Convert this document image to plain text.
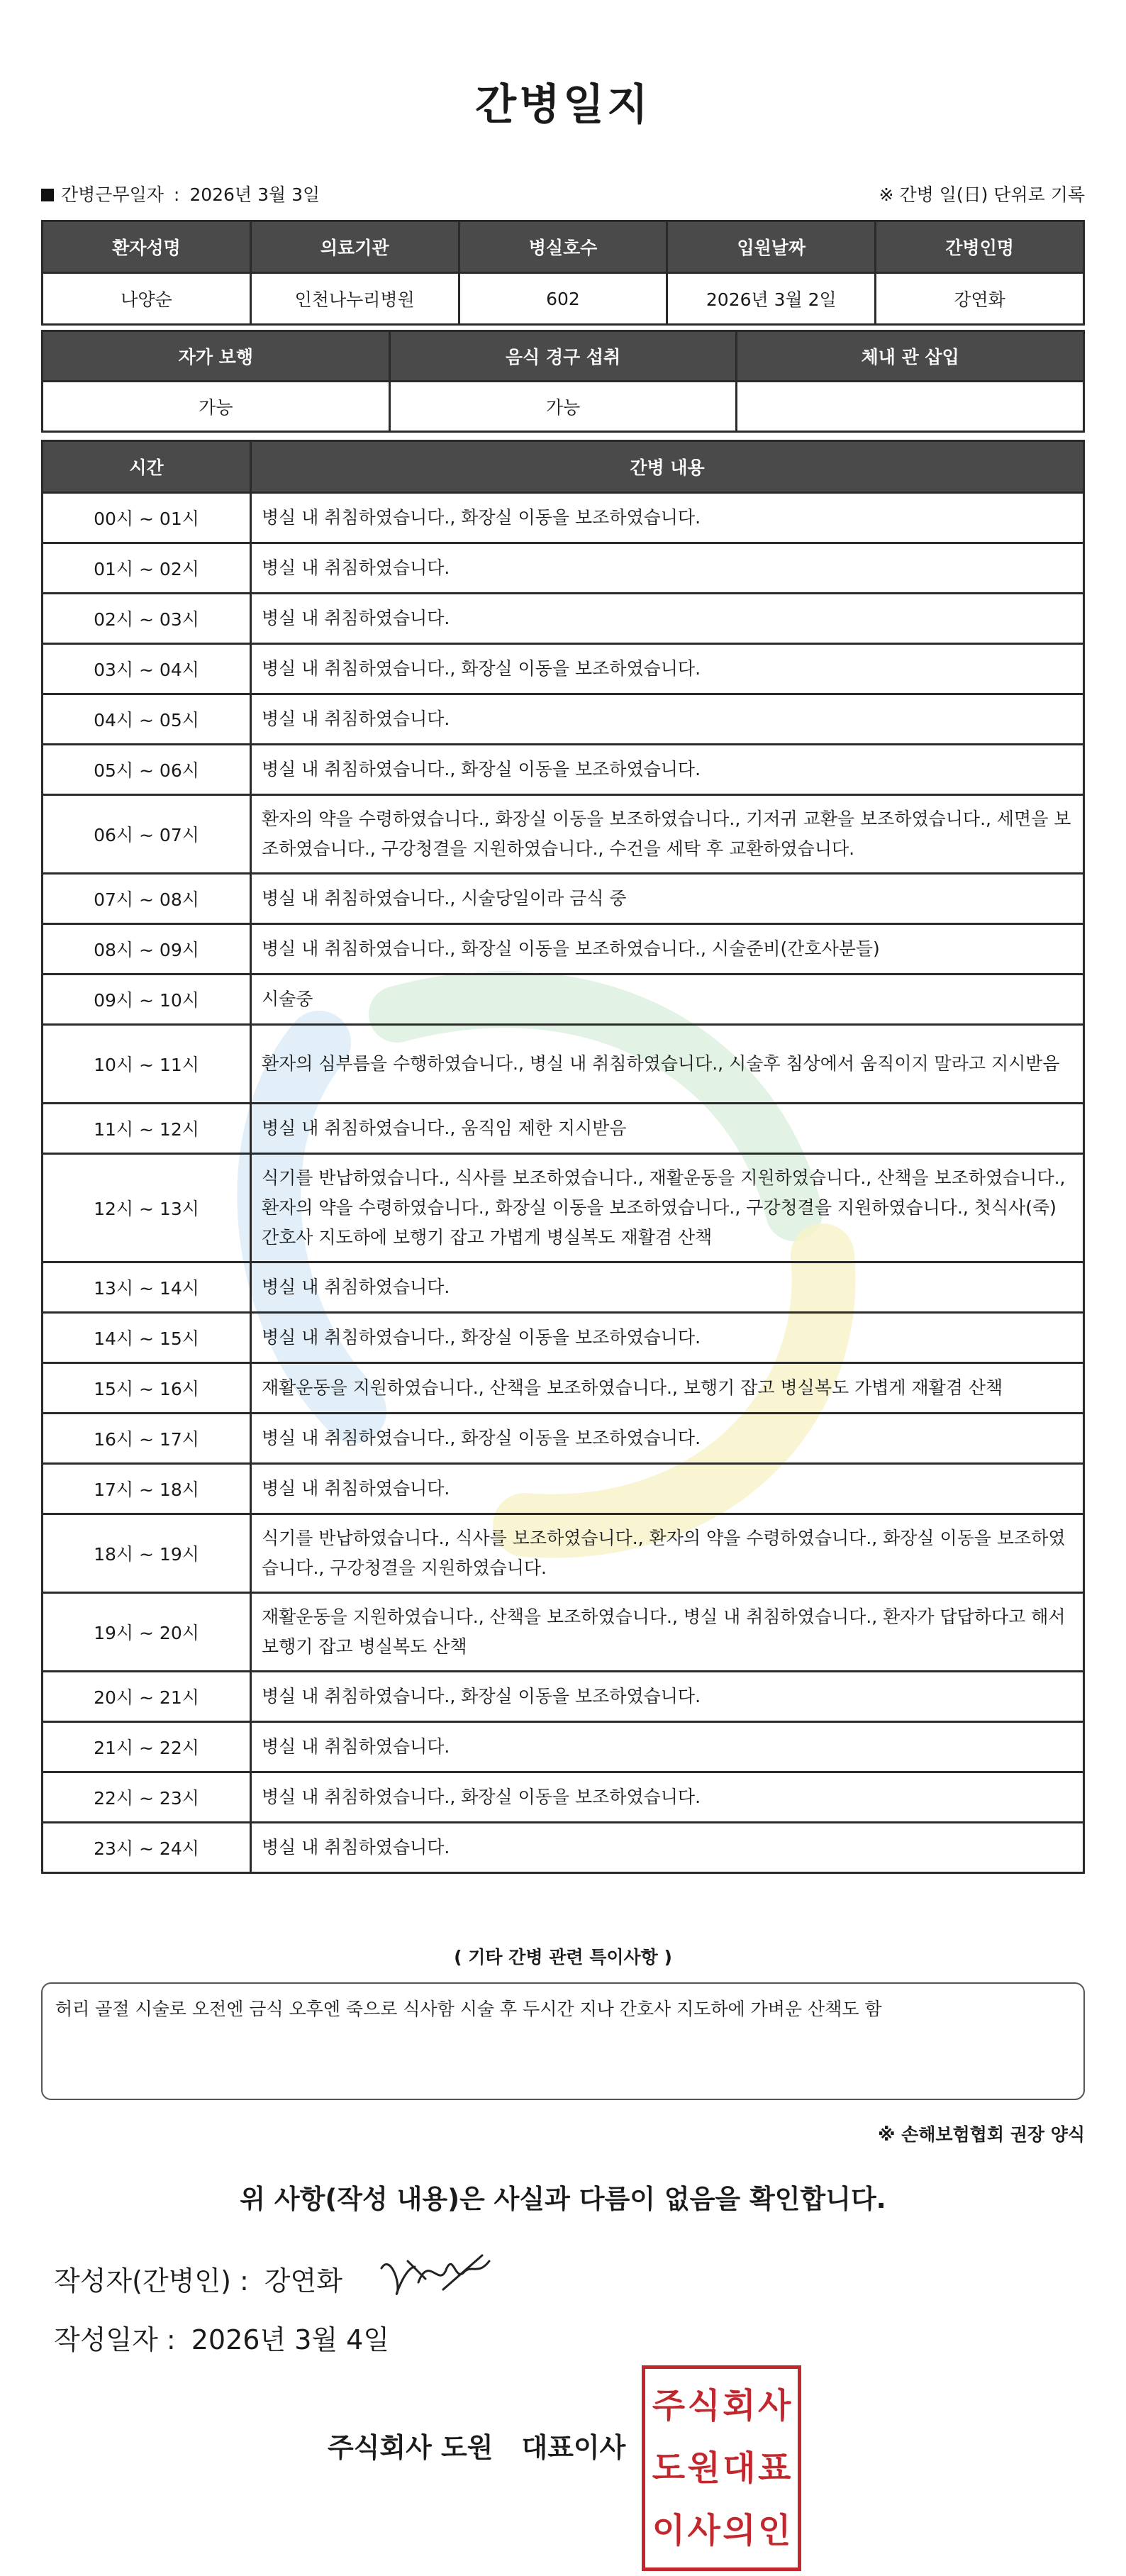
간병일지
간병근무일자 : 2026년 3월 3일	※ 간병 일(日) 단위로 기록
환자성명	의료기관	병실호수	입원날짜	간병인명
나양순	인천나누리병원	602	2026년 3월 2일	강연화
자가 보행	음식 경구 섭취	체내 관 삽입
가능	가능	
시간	간병 내용
00시 ~ 01시	병실 내 취침하였습니다., 화장실 이동을 보조하였습니다.
01시 ~ 02시	병실 내 취침하였습니다.
02시 ~ 03시	병실 내 취침하였습니다.
03시 ~ 04시	병실 내 취침하였습니다., 화장실 이동을 보조하였습니다.
04시 ~ 05시	병실 내 취침하였습니다.
05시 ~ 06시	병실 내 취침하였습니다., 화장실 이동을 보조하였습니다.
06시 ~ 07시	환자의 약을 수령하였습니다., 화장실 이동을 보조하였습니다., 기저귀 교환을 보조하였습니다., 세면을 보조하였습니다., 구강청결을 지원하였습니다., 수건을 세탁 후 교환하였습니다.
07시 ~ 08시	병실 내 취침하였습니다., 시술당일이라 금식 중
08시 ~ 09시	병실 내 취침하였습니다., 화장실 이동을 보조하였습니다., 시술준비(간호사분들)
09시 ~ 10시	시술중
10시 ~ 11시	환자의 심부름을 수행하였습니다., 병실 내 취침하였습니다., 시술후 침상에서 움직이지 말라고 지시받음
11시 ~ 12시	병실 내 취침하였습니다., 움직임 제한 지시받음
12시 ~ 13시	식기를 반납하였습니다., 식사를 보조하였습니다., 재활운동을 지원하였습니다., 산책을 보조하였습니다., 환자의 약을 수령하였습니다., 화장실 이동을 보조하였습니다., 구강청결을 지원하였습니다., 첫식사(죽) 간호사 지도하에 보행기 잡고 가볍게 병실복도 재활겸 산책
13시 ~ 14시	병실 내 취침하였습니다.
14시 ~ 15시	병실 내 취침하였습니다., 화장실 이동을 보조하였습니다.
15시 ~ 16시	재활운동을 지원하였습니다., 산책을 보조하였습니다., 보행기 잡고 병실복도 가볍게 재활겸 산책
16시 ~ 17시	병실 내 취침하였습니다., 화장실 이동을 보조하였습니다.
17시 ~ 18시	병실 내 취침하였습니다.
18시 ~ 19시	식기를 반납하였습니다., 식사를 보조하였습니다., 환자의 약을 수령하였습니다., 화장실 이동을 보조하였습니다., 구강청결을 지원하였습니다.
19시 ~ 20시	재활운동을 지원하였습니다., 산책을 보조하였습니다., 병실 내 취침하였습니다., 환자가 답답하다고 해서 보행기 잡고 병실복도 산책
20시 ~ 21시	병실 내 취침하였습니다., 화장실 이동을 보조하였습니다.
21시 ~ 22시	병실 내 취침하였습니다.
22시 ~ 23시	병실 내 취침하였습니다., 화장실 이동을 보조하였습니다.
23시 ~ 24시	병실 내 취침하였습니다.
( 기타 간병 관련 특이사항 )
허리 골절 시술로 오전엔 금식 오후엔 죽으로 식사함 시술 후 두시간 지나 간호사 지도하에 가벼운 산책도 함
※ 손해보험협회 권장 양식
위 사항(작성 내용)은 사실과 다름이 없음을 확인합니다.
작성자(간병인) : 강연화
작성일자 : 2026년 3월 4일
주식회사 도원 대표이사
주 식 회 사
도 원 대 표
이 사 의 인
